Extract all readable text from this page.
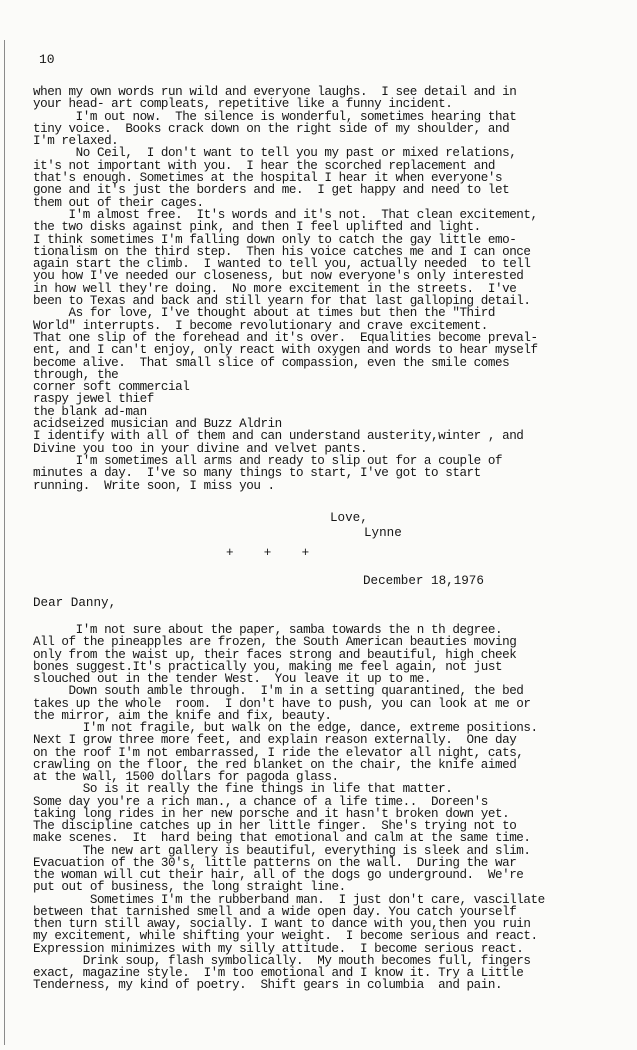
10
when my own words run wild and everyone laughs.  I see detail and in
your head- art compleats, repetitive like a funny incident.
I'm out now.  The silence is wonderful, sometimes hearing that
tiny voice.  Books crack down on the right side of my shoulder, and
I'm relaxed.
No Ceil,  I don't want to tell you my past or mixed relations,
it's not important with you.  I hear the scorched replacement and
that's enough. Sometimes at the hospital I hear it when everyone's
gone and it's just the borders and me.  I get happy and need to let
them out of their cages.
I'm almost free.  It's words and it's not.  That clean excitement,
the two disks against pink, and then I feel uplifted and light.
I think sometimes I'm falling down only to catch the gay little emo-
tionalism on the third step.  Then his voice catches me and I can once
again start the climb.  I wanted to tell you, actually needed  to tell
you how I've needed our closeness, but now everyone's only interested
in how well they're doing.  No more excitement in the streets.  I've
been to Texas and back and still yearn for that last galloping detail.
As for love, I've thought about at times but then the "Third
World" interrupts.  I become revolutionary and crave excitement.
That one slip of the forehead and it's over.  Equalities become preval-
ent, and I can't enjoy, only react with oxygen and words to hear myself
become alive.  That small slice of compassion, even the smile comes
through, the
corner soft commercial
raspy jewel thief
the blank ad-man
acidseized musician and Buzz Aldrin
I identify with all of them and can understand austerity,winter , and
Divine you too in your divine and velvet pants.
I'm sometimes all arms and ready to slip out for a couple of
minutes a day.  I've so many things to start, I've got to start
running.  Write soon, I miss you .
Love,
Lynne
+    +    +
December 18,1976
Dear Danny,
I'm not sure about the paper, samba towards the n th degree.
All of the pineapples are frozen, the South American beauties moving
only from the waist up, their faces strong and beautiful, high cheek
bones suggest.It's practically you, making me feel again, not just
slouched out in the tender West.  You leave it up to me.
Down south amble through.  I'm in a setting quarantined, the bed
takes up the whole  room.  I don't have to push, you can look at me or
the mirror, aim the knife and fix, beauty.
I'm not fragile, but walk on the edge, dance, extreme positions.
Next I grow three more feet, and explain reason externally.  One day
on the roof I'm not embarrassed, I ride the elevator all night, cats,
crawling on the floor, the red blanket on the chair, the knife aimed
at the wall, 1500 dollars for pagoda glass.
So is it really the fine things in life that matter.
Some day you're a rich man., a chance of a life time..  Doreen's
taking long rides in her new porsche and it hasn't broken down yet.
The discipline catches up in her little finger.  She's trying not to
make scenes.  It  hard being that emotional and calm at the same time.
The new art gallery is beautiful, everything is sleek and slim.
Evacuation of the 30's, little patterns on the wall.  During the war
the woman will cut their hair, all of the dogs go underground.  We're
put out of business, the long straight line.
Sometimes I'm the rubberband man.  I just don't care, vascillate
between that tarnished smell and a wide open day. You catch yourself
then turn still away, socially. I want to dance with you,then you ruin
my excitement, while shifting your weight.  I become serious and react.
Expression minimizes with my silly attitude.  I become serious react.
Drink soup, flash symbolically.  My mouth becomes full, fingers
exact, magazine style.  I'm too emotional and I know it. Try a Little
Tenderness, my kind of poetry.  Shift gears in columbia  and pain.
